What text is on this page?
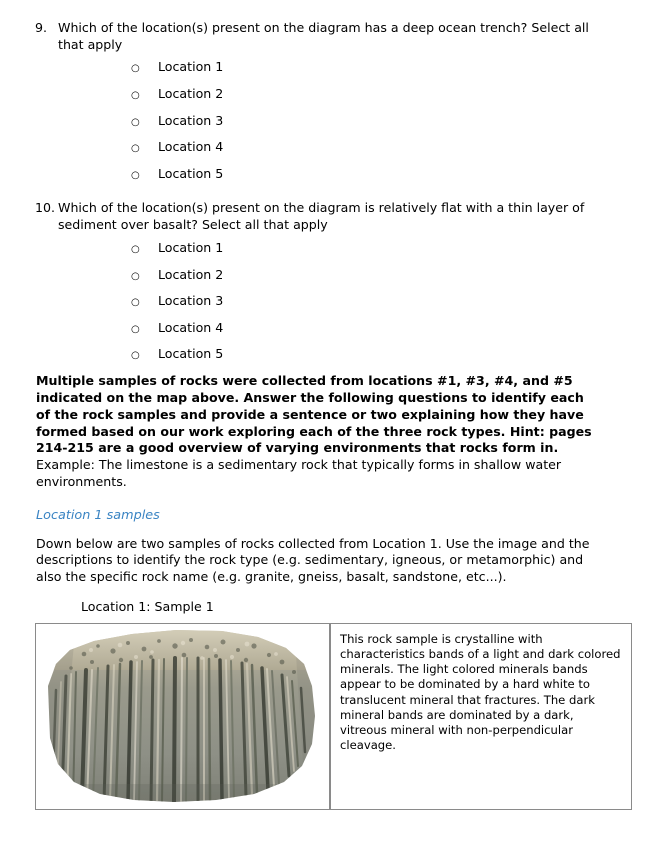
9. Which of the location(s) present on the diagram has a deep ocean trench? Select all that apply
○	Location 1
○	Location 2
○	Location 3
○	Location 4
○	Location 5
10. Which of the location(s) present on the diagram is relatively flat with a thin layer of sediment over basalt? Select all that apply
○	Location 1
○	Location 2
○	Location 3
○	Location 4
○	Location 5

Multiple samples of rocks were collected from locations #1, #3, #4, and #5 indicated on the map above. Answer the following questions to identify each of the rock samples and provide a sentence or two explaining how they have formed based on our work exploring each of the three rock types. Hint: pages 214-215 are a good overview of varying environments that rocks form in. Example: The limestone is a sedimentary rock that typically forms in shallow water environments.

Location 1 samples

Down below are two samples of rocks collected from Location 1. Use the image and the descriptions to identify the rock type (e.g. sedimentary, igneous, or metamorphic) and also the specific rock name (e.g. granite, gneiss, basalt, sandstone, etc...).

Location 1: Sample 1
	This rock sample is crystalline with characteristics bands of a light and dark colored minerals. The light colored minerals bands appear to be dominated by a hard white to translucent mineral that fractures. The dark mineral bands are dominated by a dark, vitreous mineral with non-perpendicular cleavage.
